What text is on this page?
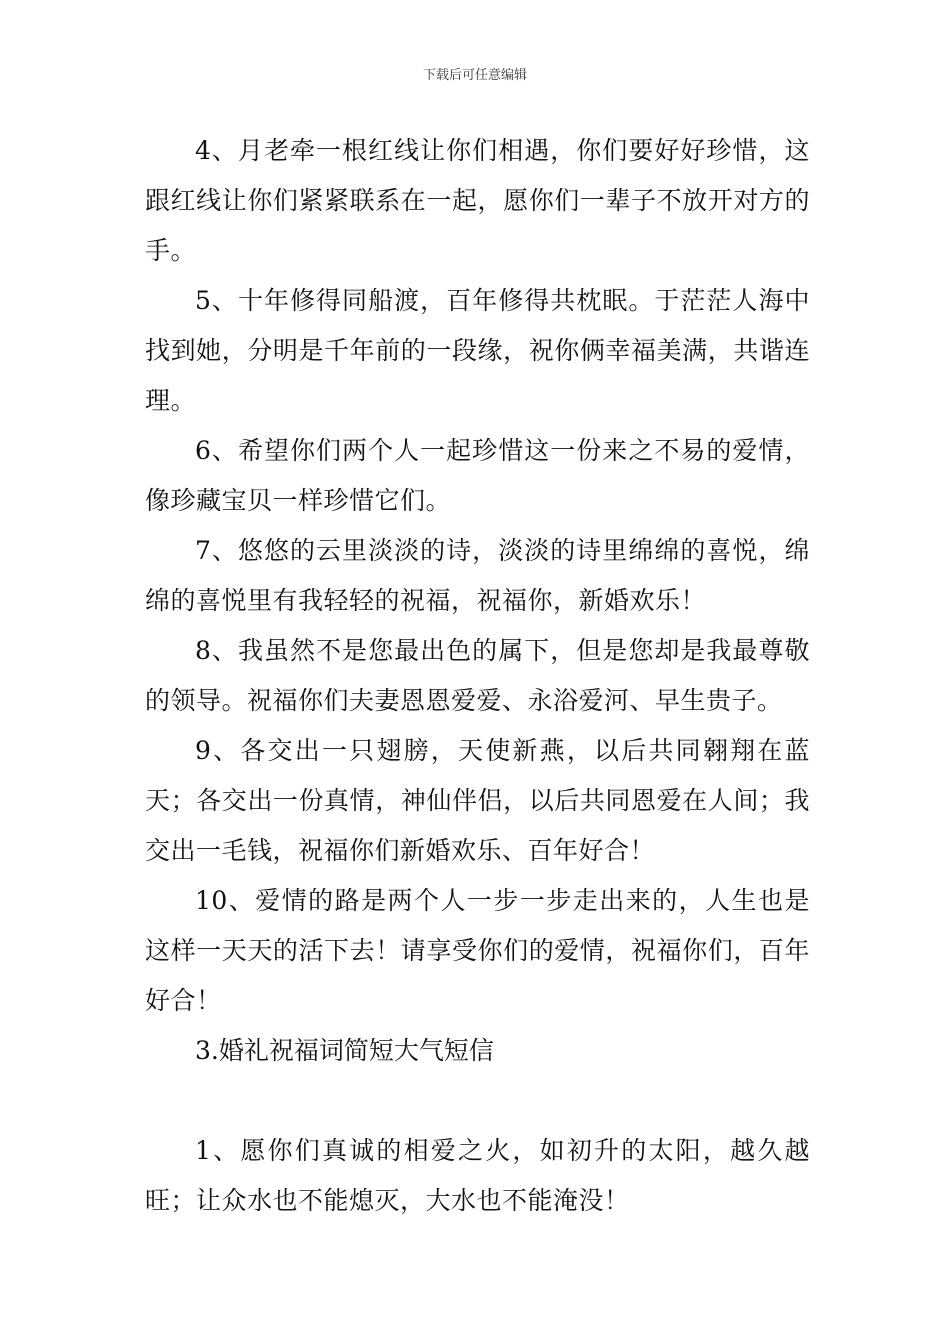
下载后可任意编辑

4、月老牵一根红线让你们相遇，你们要好好珍惜，这跟红线让你们紧紧联系在一起，愿你们一辈子不放开对方的手。

5、十年修得同船渡，百年修得共枕眠。于茫茫人海中找到她，分明是千年前的一段缘，祝你俩幸福美满，共谐连理。

6、希望你们两个人一起珍惜这一份来之不易的爱情，像珍藏宝贝一样珍惜它们。

7、悠悠的云里淡淡的诗，淡淡的诗里绵绵的喜悦，绵绵的喜悦里有我轻轻的祝福，祝福你，新婚欢乐！

8、我虽然不是您最出色的属下，但是您却是我最尊敬的领导。祝福你们夫妻恩恩爱爱、永浴爱河、早生贵子。

9、各交出一只翅膀，天使新燕，以后共同翱翔在蓝天；各交出一份真情，神仙伴侣，以后共同恩爱在人间；我交出一毛钱，祝福你们新婚欢乐、百年好合！

10、爱情的路是两个人一步一步走出来的，人生也是这样一天天的活下去！请享受你们的爱情，祝福你们，百年好合！

3.婚礼祝福词简短大气短信

1、愿你们真诚的相爱之火，如初升的太阳，越久越旺；让众水也不能熄灭，大水也不能淹没！
